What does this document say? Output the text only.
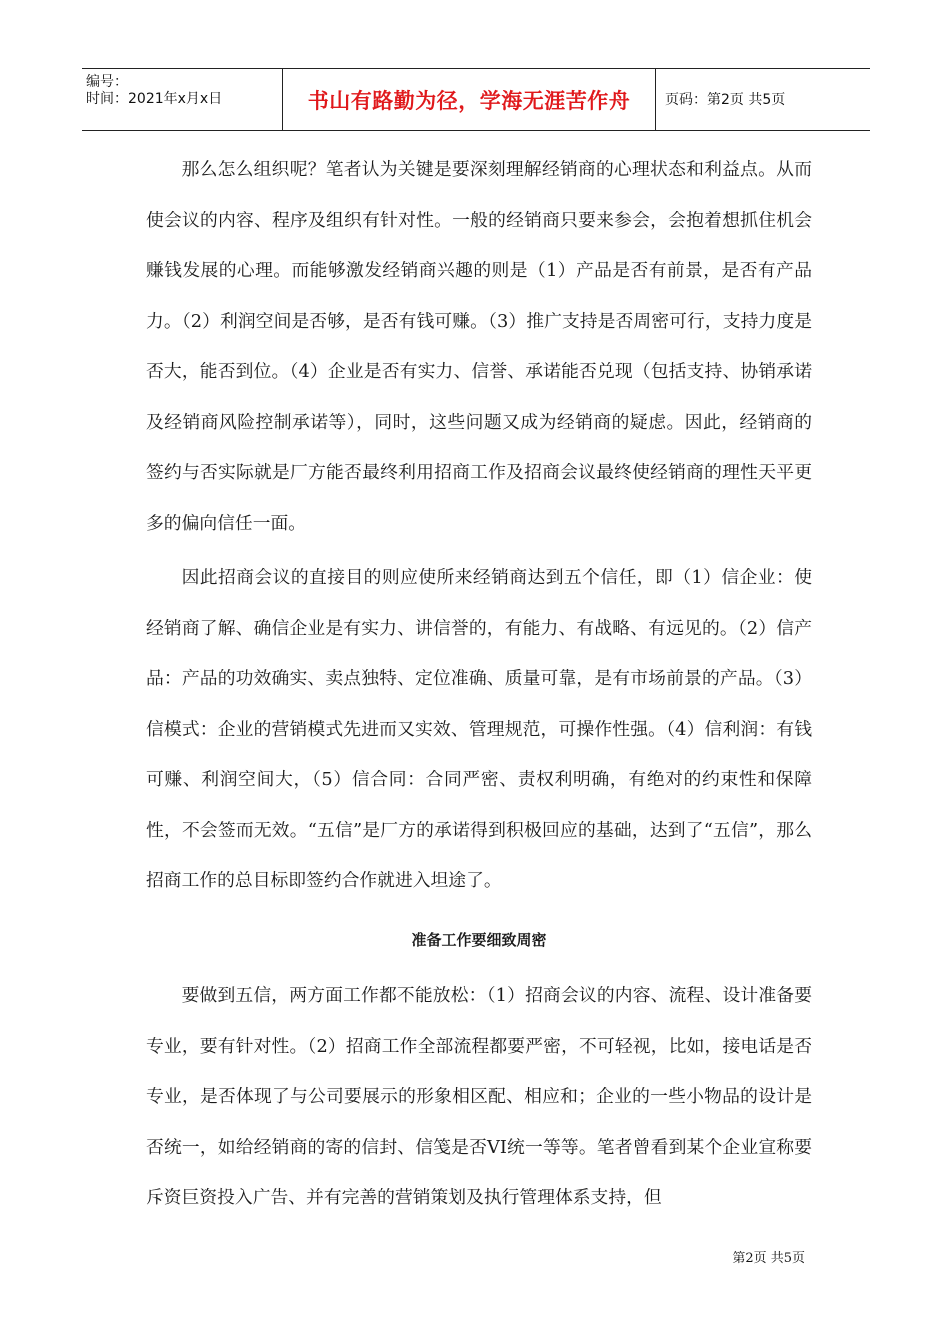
编号：
时间：2021年x月x日	书山有路勤为径，学海无涯苦作舟 页码：第2页 共5页

那么怎么组织呢？笔者认为关键是要深刻理解经销商的心理状态和利益点。从而使会议的内容、程序及组织有针对性。一般的经销商只要来参会，会抱着想抓住机会赚钱发展的心理。而能够激发经销商兴趣的则是（1）产品是否有前景，是否有产品力。（2）利润空间是否够，是否有钱可赚。（3）推广支持是否周密可行，支持力度是否大，能否到位。（4）企业是否有实力、信誉、承诺能否兑现（包括支持、协销承诺及经销商风险控制承诺等），同时，这些问题又成为经销商的疑虑。因此，经销商的签约与否实际就是厂方能否最终利用招商工作及招商会议最终使经销商的理性天平更多的偏向信任一面。

因此招商会议的直接目的则应使所来经销商达到五个信任，即（1）信企业：使经销商了解、确信企业是有实力、讲信誉的，有能力、有战略、有远见的。（2）信产品：产品的功效确实、卖点独特、定位准确、质量可靠，是有市场前景的产品。（3）信模式：企业的营销模式先进而又实效、管理规范，可操作性强。（4）信利润：有钱可赚、利润空间大，（5）信合同：合同严密、责权利明确，有绝对的约束性和保障性，不会签而无效。“五信”是厂方的承诺得到积极回应的基础，达到了“五信”，那么招商工作的总目标即签约合作就进入坦途了。

准备工作要细致周密

要做到五信，两方面工作都不能放松：（1）招商会议的内容、流程、设计准备要专业，要有针对性。（2）招商工作全部流程都要严密，不可轻视，比如，接电话是否专业，是否体现了与公司要展示的形象相区配、相应和；企业的一些小物品的设计是否统一，如给经销商的寄的信封、信笺是否VI统一等等。笔者曾看到某个企业宣称要斥资巨资投入广告、并有完善的营销策划及执行管理体系支持，但

第2页 共5页
